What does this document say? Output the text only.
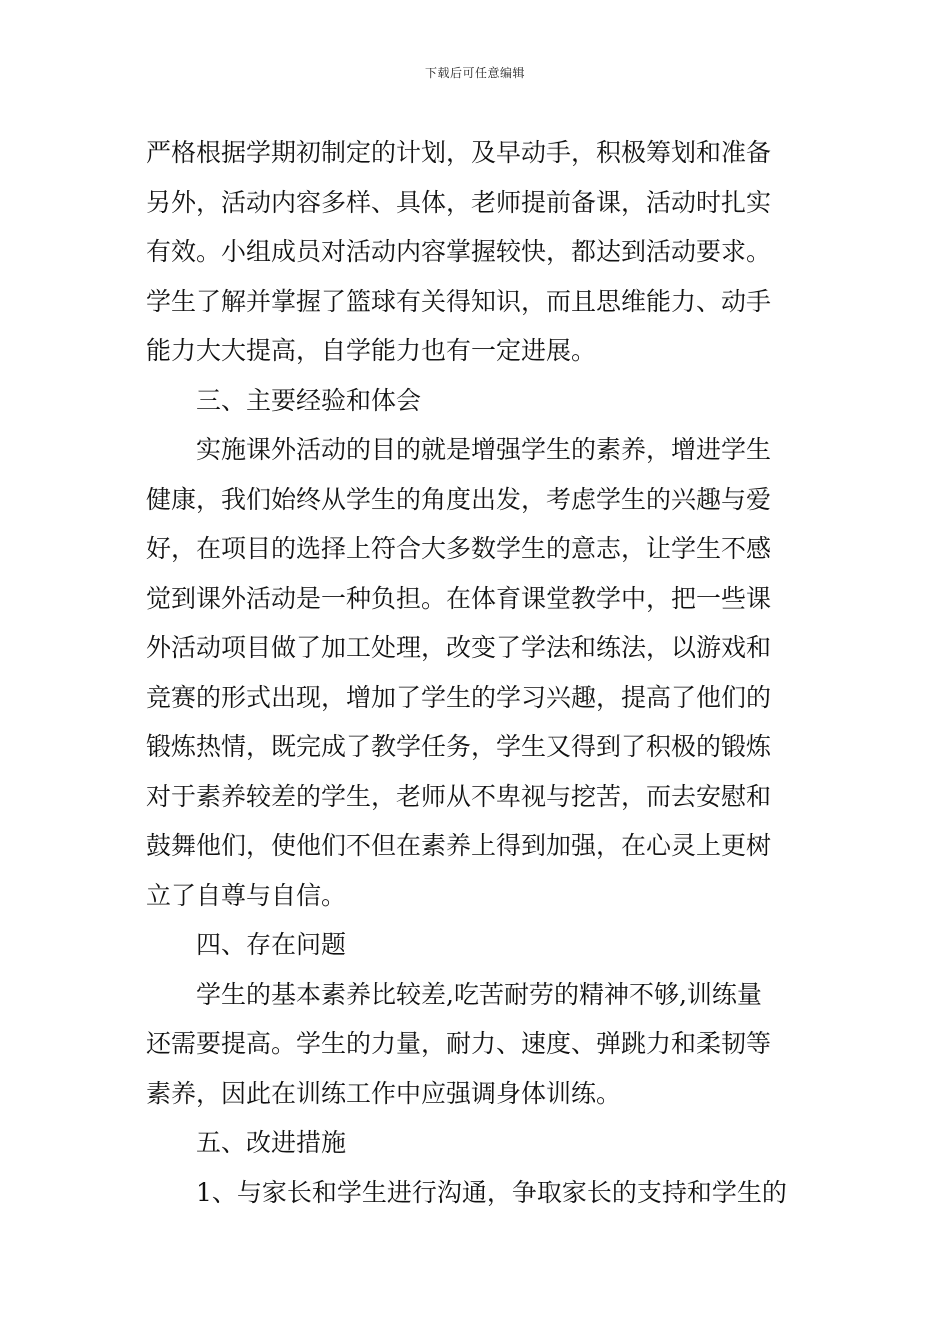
下载后可任意编辑
严格根据学期初制定的计划，及早动手，积极筹划和准备
另外，活动内容多样、具体，老师提前备课，活动时扎实
有效。小组成员对活动内容掌握较快，都达到活动要求。
学生了解并掌握了篮球有关得知识，而且思维能力、动手
能力大大提高，自学能力也有一定进展。
三、主要经验和体会
实施课外活动的目的就是增强学生的素养，增进学生
健康，我们始终从学生的角度出发，考虑学生的兴趣与爱
好，在项目的选择上符合大多数学生的意志，让学生不感
觉到课外活动是一种负担。在体育课堂教学中，把一些课
外活动项目做了加工处理，改变了学法和练法，以游戏和
竞赛的形式出现，增加了学生的学习兴趣，提高了他们的
锻炼热情，既完成了教学任务，学生又得到了积极的锻炼
对于素养较差的学生，老师从不卑视与挖苦，而去安慰和
鼓舞他们，使他们不但在素养上得到加强，在心灵上更树
立了自尊与自信。
四、存在问题
学生的基本素养比较差,吃苦耐劳的精神不够,训练量
还需要提高。学生的力量，耐力、速度、弹跳力和柔韧等
素养，因此在训练工作中应强调身体训练。
五、改进措施
1、与家长和学生进行沟通，争取家长的支持和学生的
